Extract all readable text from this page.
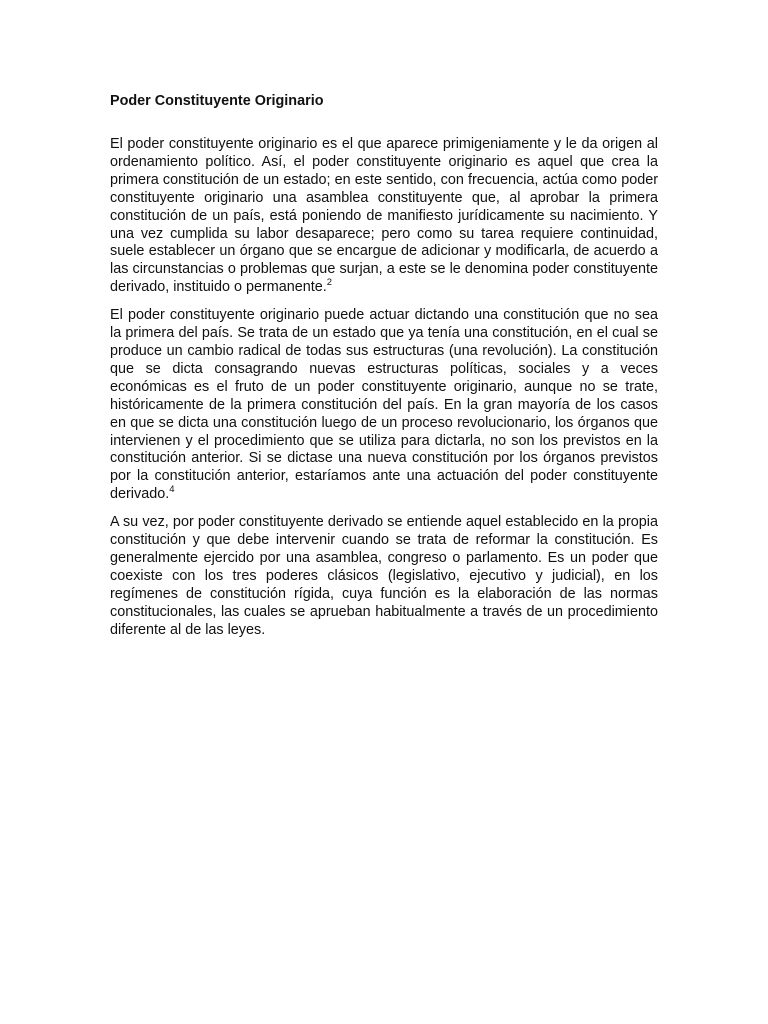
Poder Constituyente Originario

El poder constituyente originario es el que aparece primigeniamente y le da origen al ordenamiento político. Así, el poder constituyente originario es aquel que crea la primera constitución de un estado; en este sentido, con frecuencia, actúa como poder constituyente originario una asamblea constituyente que, al aprobar la primera constitución de un país, está poniendo de manifiesto jurídicamente su nacimiento. Y una vez cumplida su labor desaparece; pero como su tarea requiere continuidad, suele establecer un órgano que se encargue de adicionar y modificarla, de acuerdo a las circunstancias o problemas que surjan, a este se le denomina poder constituyente derivado, instituido o permanente.$^2$

El poder constituyente originario puede actuar dictando una constitución que no sea la primera del país. Se trata de un estado que ya tenía una constitución, en el cual se produce un cambio radical de todas sus estructuras (una revolución). La constitución que se dicta consagrando nuevas estructuras políticas, sociales y a veces económicas es el fruto de un poder constituyente originario, aunque no se trate, históricamente de la primera constitución del país. En la gran mayoría de los casos en que se dicta una constitución luego de un proceso revolucionario, los órganos que intervienen y el procedimiento que se utiliza para dictarla, no son los previstos en la constitución anterior. Si se dictase una nueva constitución por los órganos previstos por la constitución anterior, estaríamos ante una actuación del poder constituyente derivado.$^4$

A su vez, por poder constituyente derivado se entiende aquel establecido en la propia constitución y que debe intervenir cuando se trata de reformar la constitución. Es generalmente ejercido por una asamblea, congreso o parlamento. Es un poder que coexiste con los tres poderes clásicos (legislativo, ejecutivo y judicial), en los regímenes de constitución rígida, cuya función es la elaboración de las normas constitucionales, las cuales se aprueban habitualmente a través de un procedimiento diferente al de las leyes.
